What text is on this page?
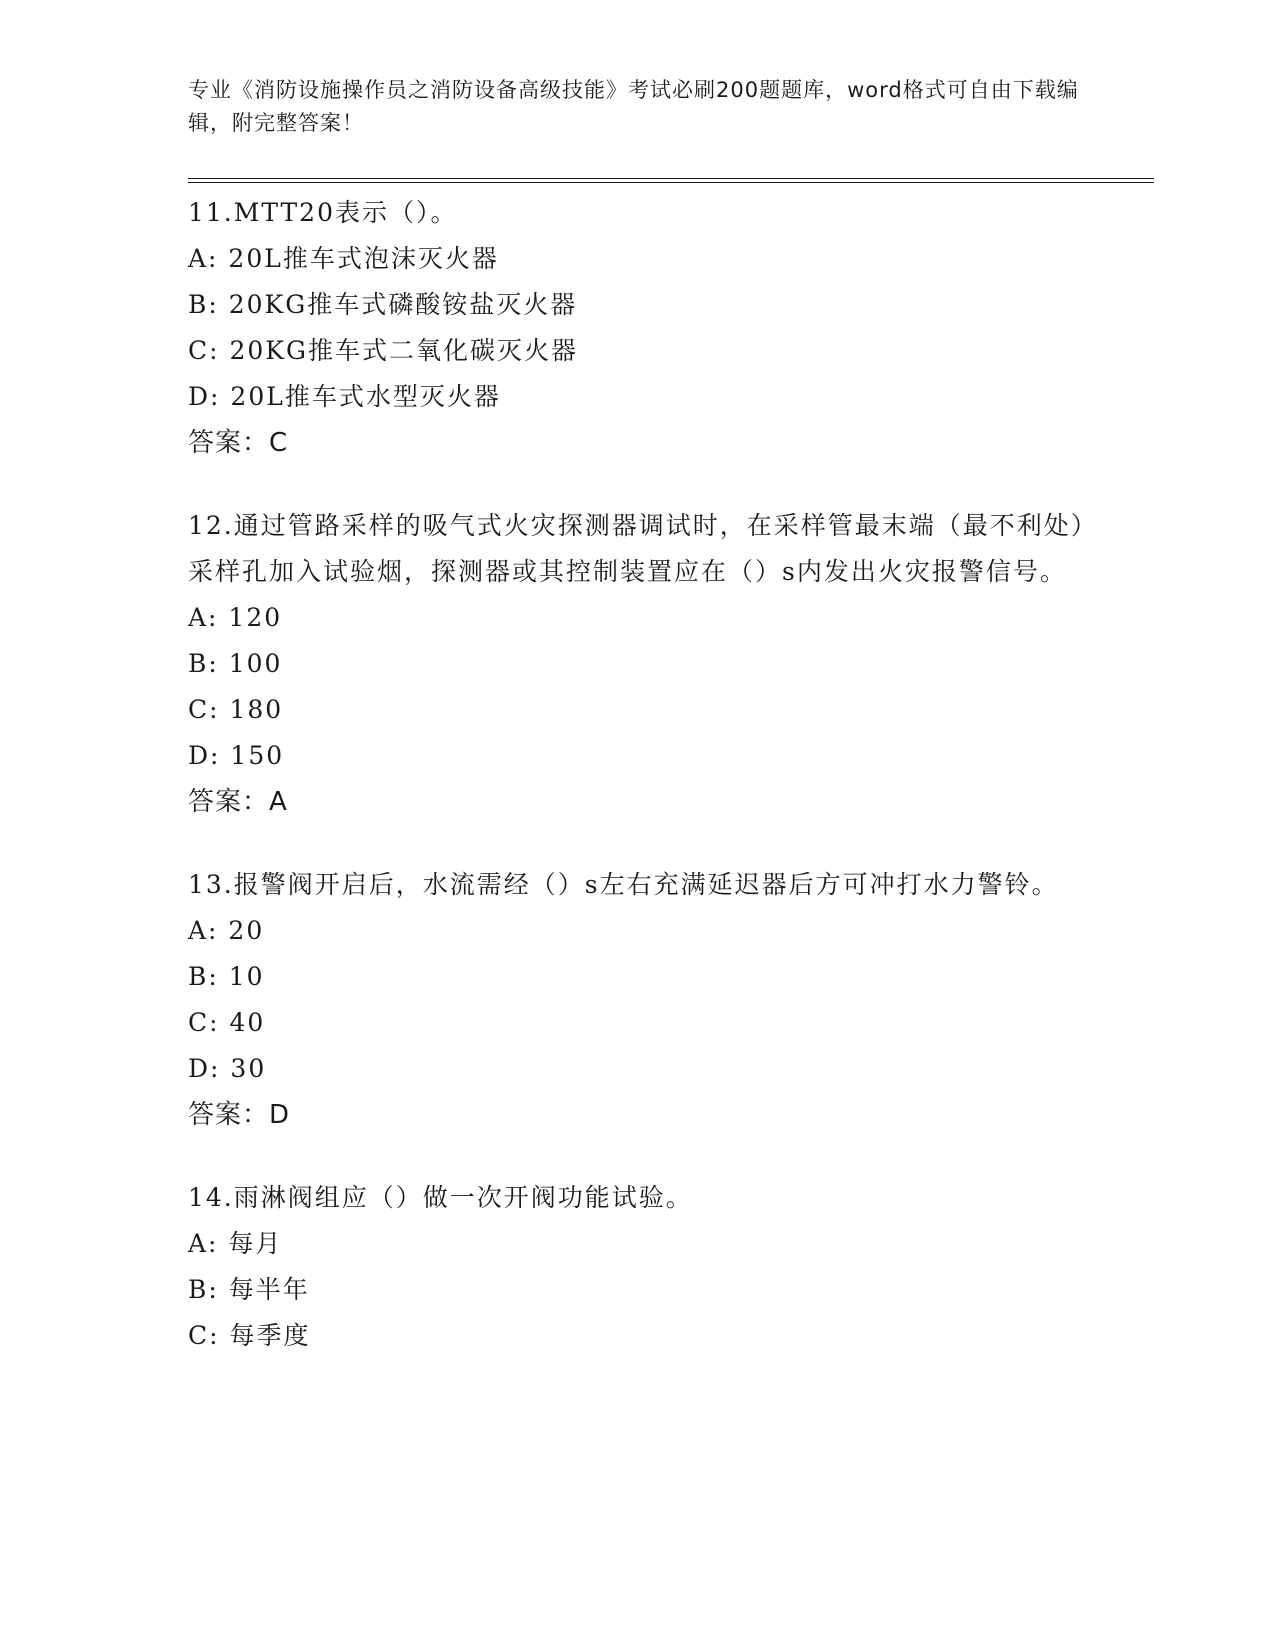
专业《消防设施操作员之消防设备高级技能》考试必刷200题题库，word格式可自由下载编辑，附完整答案！
11.MTT20表示（）。
A: 20L推车式泡沫灭火器
B: 20KG推车式磷酸铵盐灭火器
C: 20KG推车式二氧化碳灭火器
D: 20L推车式水型灭火器
答案：C
12.通过管路采样的吸气式火灾探测器调试时，在采样管最末端（最不利处）采样孔加入试验烟，探测器或其控制装置应在（）s内发出火灾报警信号。
A: 120
B: 100
C: 180
D: 150
答案：A
13.报警阀开启后，水流需经（）s左右充满延迟器后方可冲打水力警铃。
A: 20
B: 10
C: 40
D: 30
答案：D
14.雨淋阀组应（）做一次开阀功能试验。
A: 每月
B: 每半年
C: 每季度
